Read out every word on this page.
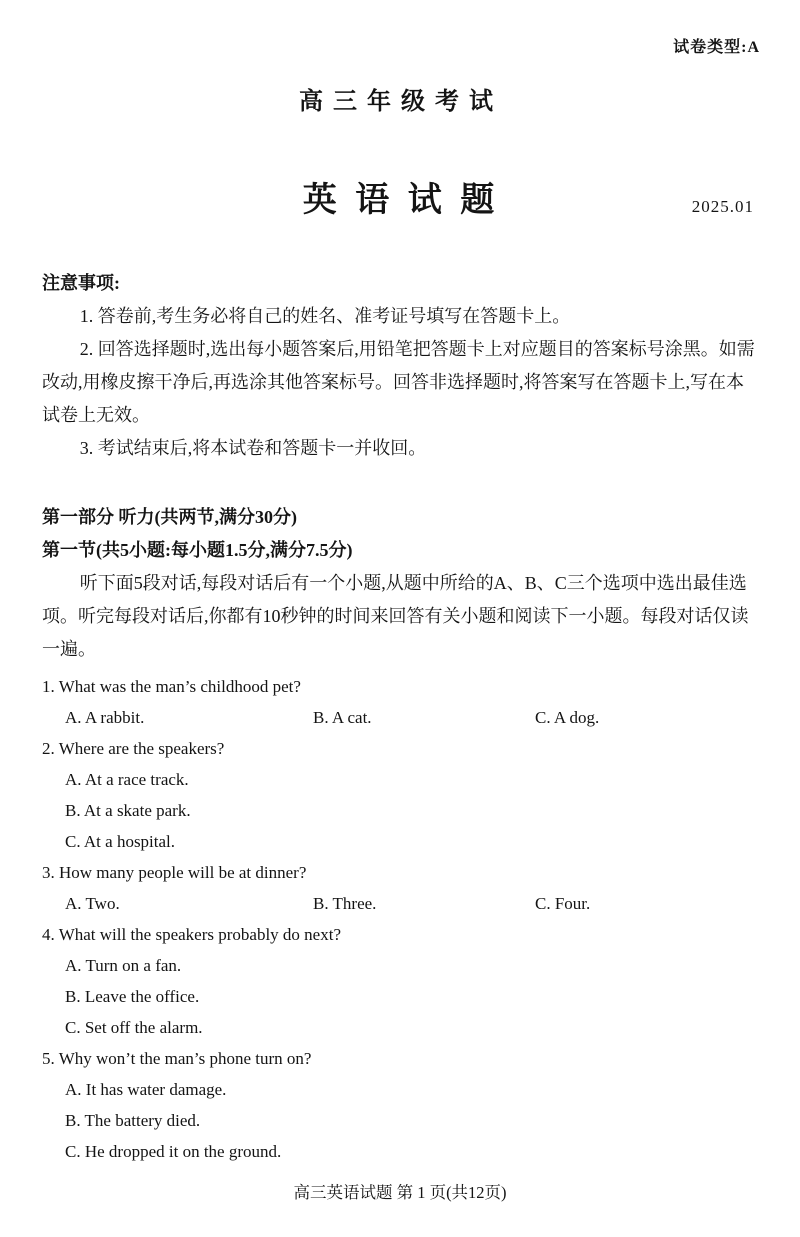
试卷类型:A
高三年级考试
英 语 试 题	2025.01

注意事项:

1. 答卷前,考生务必将自己的姓名、准考证号填写在答题卡上。

2. 回答选择题时,选出每小题答案后,用铅笔把答题卡上对应题目的答案标号涂黑。如需改动,用橡皮擦干净后,再选涂其他答案标号。回答非选择题时,将答案写在答题卡上,写在本试卷上无效。

3. 考试结束后,将本试卷和答题卡一并收回。

第一部分 听力(共两节,满分30分)

第一节(共5小题:每小题1.5分,满分7.5分)

听下面5段对话,每段对话后有一个小题,从题中所给的A、B、C三个选项中选出最佳选项。听完每段对话后,你都有10秒钟的时间来回答有关小题和阅读下一小题。每段对话仅读一遍。

1. What was the man’s childhood pet?

A. A rabbit.	B. A cat.	C. A dog.

2. Where are the speakers?

A. At a race track.

B. At a skate park.

C. At a hospital.

3. How many people will be at dinner?

A. Two.	B. Three.	C. Four.

4. What will the speakers probably do next?

A. Turn on a fan.

B. Leave the office.

C. Set off the alarm.

5. Why won’t the man’s phone turn on?

A. It has water damage.

B. The battery died.

C. He dropped it on the ground.

高三英语试题 第 1 页(共12页)
